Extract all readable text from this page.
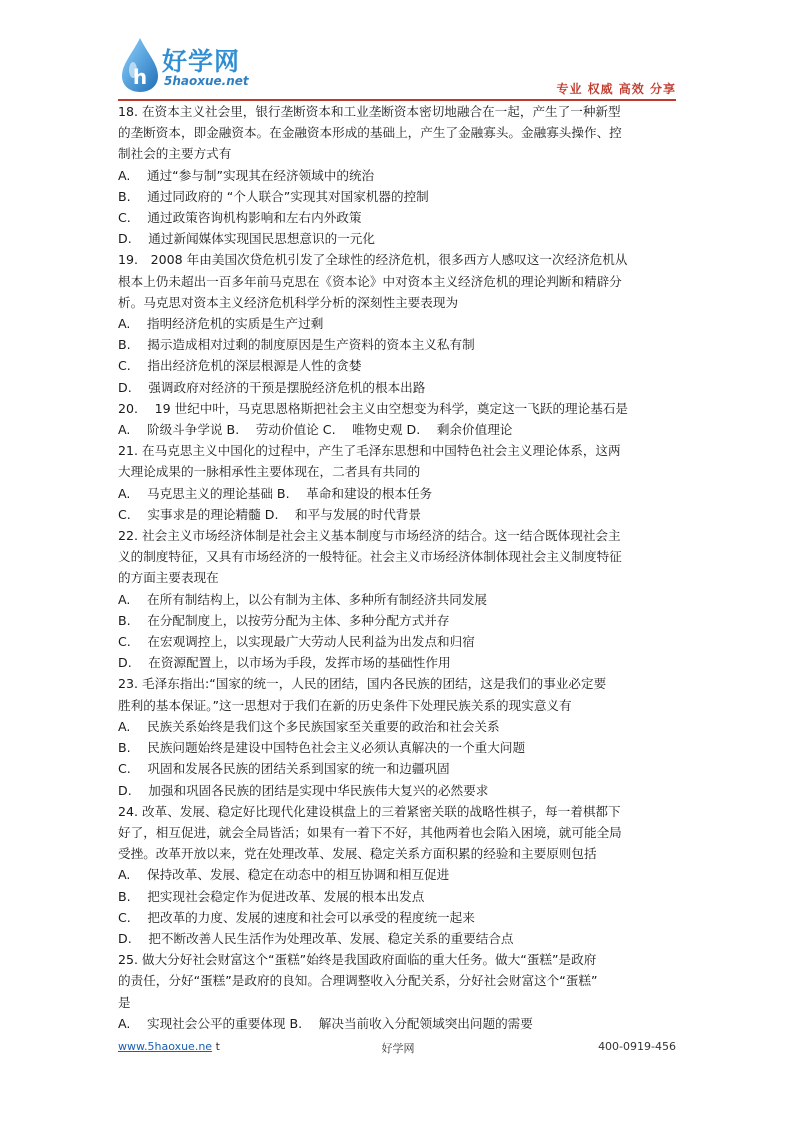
h
好学网
5haoxue.net
专业 权威 高效 分享

18. 在资本主义社会里，银行垄断资本和工业垄断资本密切地融合在一起，产生了一种新型

的垄断资本，即金融资本。在金融资本形成的基础上，产生了金融寡头。金融寡头操作、控

制社会的主要方式有

A.　 通过“参与制”实现其在经济领域中的统治

B.　 通过同政府的 “个人联合”实现其对国家机器的控制

C.　 通过政策咨询机构影响和左右内外政策

D.　 通过新闻媒体实现国民思想意识的一元化

19.　2008 年由美国次贷危机引发了全球性的经济危机，很多西方人感叹这一次经济危机从

根本上仍未超出一百多年前马克思在《资本论》中对资本主义经济危机的理论判断和精辟分

析。马克思对资本主义经济危机科学分析的深刻性主要表现为

A.　 指明经济危机的实质是生产过剩

B.　 揭示造成相对过剩的制度原因是生产资料的资本主义私有制

C.　 指出经济危机的深层根源是人性的贪婪

D.　 强调政府对经济的干预是摆脱经济危机的根本出路

20.　 19 世纪中叶，马克思恩格斯把社会主义由空想变为科学，奠定这一飞跃的理论基石是

A.　 阶级斗争学说 B.　 劳动价值论 C.　 唯物史观 D.　 剩余价值理论

21. 在马克思主义中国化的过程中，产生了毛泽东思想和中国特色社会主义理论体系，这两

大理论成果的一脉相承性主要体现在，二者具有共同的

A.　 马克思主义的理论基础 B.　 革命和建设的根本任务

C.　 实事求是的理论精髓 D.　 和平与发展的时代背景

22. 社会主义市场经济体制是社会主义基本制度与市场经济的结合。这一结合既体现社会主

义的制度特征，又具有市场经济的一般特征。社会主义市场经济体制体现社会主义制度特征

的方面主要表现在

A.　 在所有制结构上，以公有制为主体、多种所有制经济共同发展

B.　 在分配制度上，以按劳分配为主体、多种分配方式并存

C.　 在宏观调控上，以实现最广大劳动人民利益为出发点和归宿

D.　 在资源配置上，以市场为手段，发挥市场的基础性作用

23. 毛泽东指出:“国家的统一，人民的团结，国内各民族的团结，这是我们的事业必定要

胜利的基本保证。”这一思想对于我们在新的历史条件下处理民族关系的现实意义有

A.　 民族关系始终是我们这个多民族国家至关重要的政治和社会关系

B.　 民族问题始终是建设中国特色社会主义必须认真解决的一个重大问题

C.　 巩固和发展各民族的团结关系到国家的统一和边疆巩固

D.　 加强和巩固各民族的团结是实现中华民族伟大复兴的必然要求

24. 改革、发展、稳定好比现代化建设棋盘上的三着紧密关联的战略性棋子，每一着棋都下

好了，相互促进，就会全局皆活；如果有一着下不好，其他两着也会陷入困境，就可能全局

受挫。改革开放以来，党在处理改革、发展、稳定关系方面积累的经验和主要原则包括

A.　 保持改革、发展、稳定在动态中的相互协调和相互促进

B.　 把实现社会稳定作为促进改革、发展的根本出发点

C.　 把改革的力度、发展的速度和社会可以承受的程度统一起来

D.　 把不断改善人民生活作为处理改革、发展、稳定关系的重要结合点

25. 做大分好社会财富这个“蛋糕”始终是我国政府面临的重大任务。做大“蛋糕”是政府

的责任，分好“蛋糕”是政府的良知。合理调整收入分配关系，分好社会财富这个“蛋糕”

是

A.　 实现社会公平的重要体现 B.　 解决当前收入分配领域突出问题的需要

www.5haoxue.ne t	好学网	400-0919-456
